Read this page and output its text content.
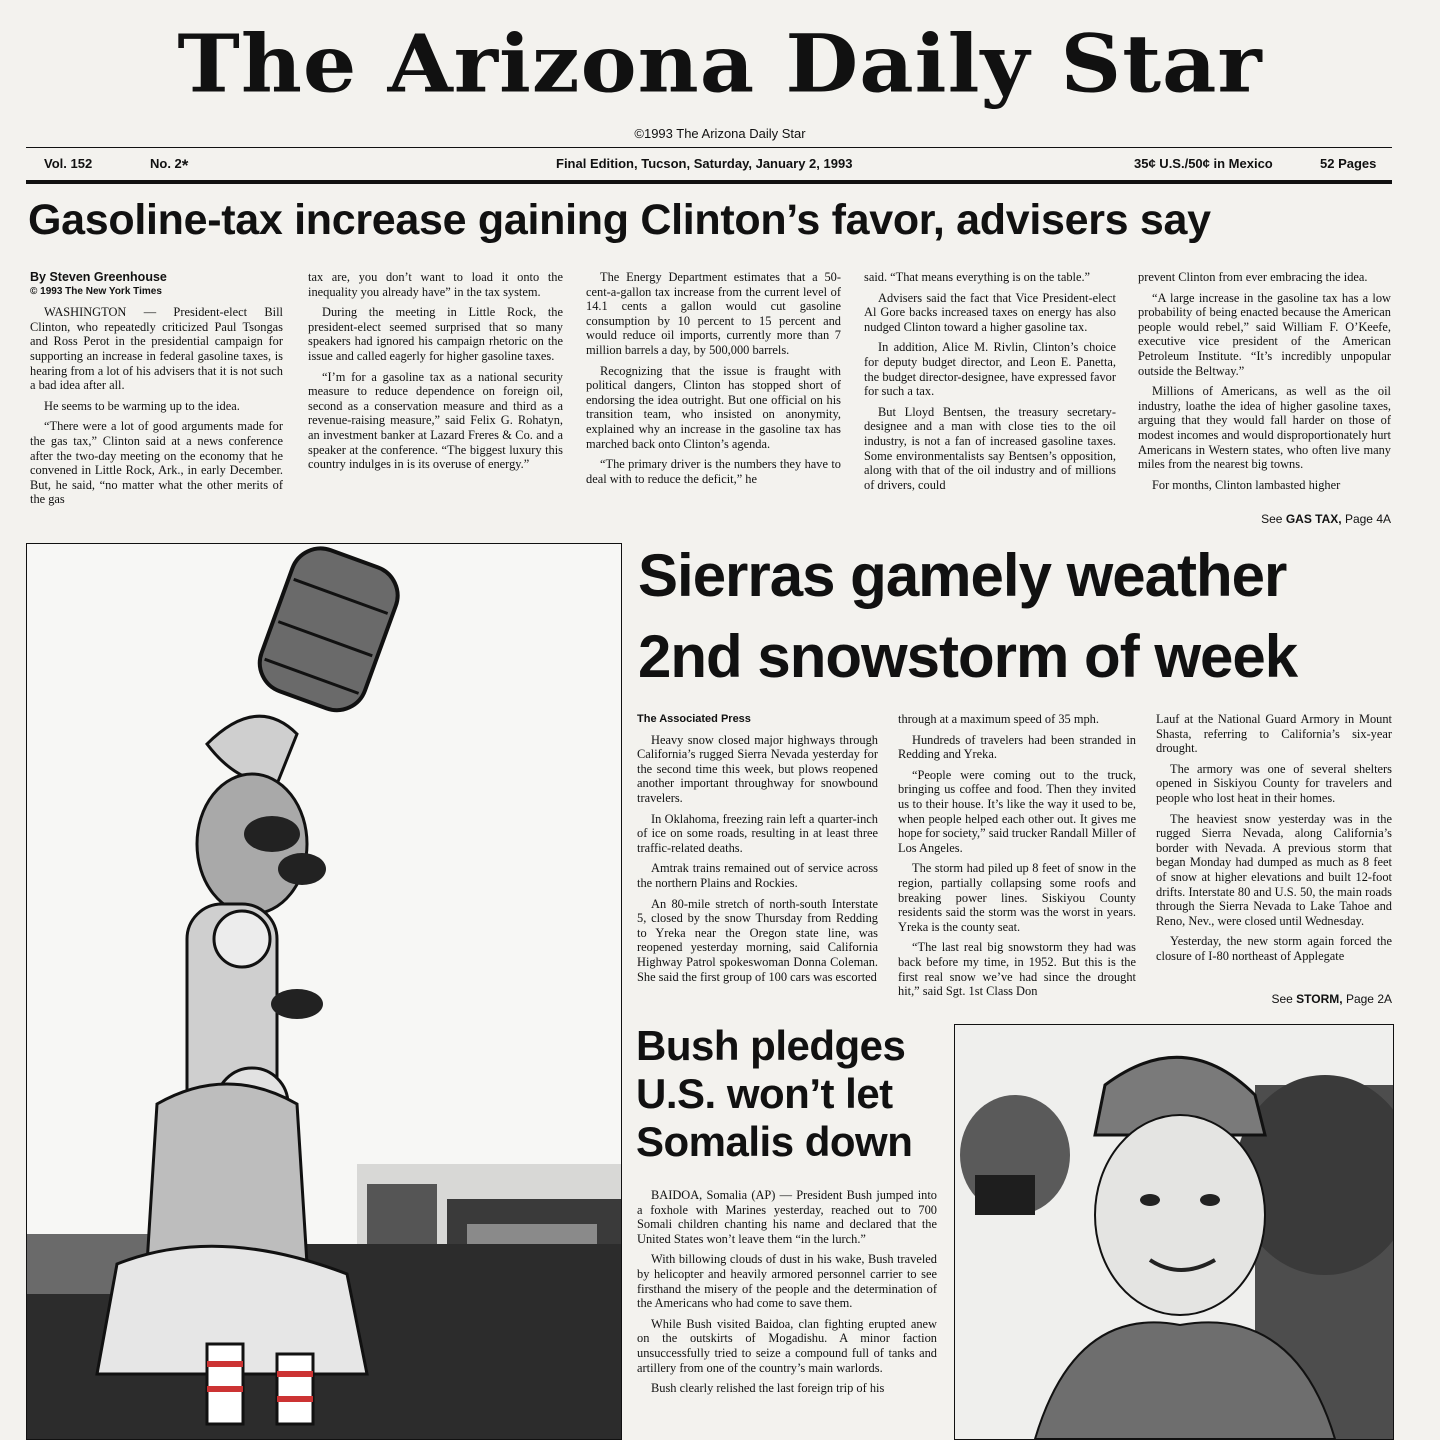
The Arizona Daily Star
©1993 The Arizona Daily Star
Vol. 152	No. 2*	Final Edition, Tucson, Saturday, January 2, 1993	35¢ U.S./50¢ in Mexico	52 Pages
Gasoline-tax increase gaining Clinton’s favor, advisers say

By Steven Greenhouse

© 1993 The New York Times

WASHINGTON — President-elect Bill Clinton, who repeatedly criticized Paul Tsongas and Ross Perot in the presidential campaign for supporting an increase in federal gasoline taxes, is hearing from a lot of his advisers that it is not such a bad idea after all.

He seems to be warming up to the idea.

“There were a lot of good arguments made for the gas tax,” Clinton said at a news conference after the two-day meeting on the economy that he convened in Little Rock, Ark., in early December. But, he said, “no matter what the other merits of the gas

tax are, you don’t want to load it onto the inequality you already have” in the tax system.

During the meeting in Little Rock, the president-elect seemed surprised that so many speakers had ignored his campaign rhetoric on the issue and called eagerly for higher gasoline taxes.

“I’m for a gasoline tax as a national security measure to reduce dependence on foreign oil, second as a conservation measure and third as a revenue-raising measure,” said Felix G. Rohatyn, an investment banker at Lazard Freres & Co. and a speaker at the conference. “The biggest luxury this country indulges in is its overuse of energy.”

The Energy Department estimates that a 50-cent-a-gallon tax increase from the current level of 14.1 cents a gallon would cut gasoline consumption by 10 percent to 15 percent and would reduce oil imports, currently more than 7 million barrels a day, by 500,000 barrels.

Recognizing that the issue is fraught with political dangers, Clinton has stopped short of endorsing the idea outright. But one official on his transition team, who insisted on anonymity, explained why an increase in the gasoline tax has marched back onto Clinton’s agenda.

“The primary driver is the numbers they have to deal with to reduce the deficit,” he

said. “That means everything is on the table.”

Advisers said the fact that Vice President-elect Al Gore backs increased taxes on energy has also nudged Clinton toward a higher gasoline tax.

In addition, Alice M. Rivlin, Clinton’s choice for deputy budget director, and Leon E. Panetta, the budget director-designee, have expressed favor for such a tax.

But Lloyd Bentsen, the treasury secretary-designee and a man with close ties to the oil industry, is not a fan of increased gasoline taxes. Some environmentalists say Bentsen’s opposition, along with that of the oil industry and of millions of drivers, could

prevent Clinton from ever embracing the idea.

“A large increase in the gasoline tax has a low probability of being enacted because the American people would rebel,” said William F. O’Keefe, executive vice president of the American Petroleum Institute. “It’s incredibly unpopular outside the Beltway.”

Millions of Americans, as well as the oil industry, loathe the idea of higher gasoline taxes, arguing that they would fall harder on those of modest incomes and would disproportionately hurt Americans in Western states, who often live many miles from the nearest big towns.

For months, Clinton lambasted higher

See GAS TAX, Page 4A
Sierras gamely weather
2nd snowstorm of week

The Associated Press

Heavy snow closed major highways through California’s rugged Sierra Nevada yesterday for the second time this week, but plows reopened another important throughway for snowbound travelers.

In Oklahoma, freezing rain left a quarter-inch of ice on some roads, resulting in at least three traffic-related deaths.

Amtrak trains remained out of service across the northern Plains and Rockies.

An 80-mile stretch of north-south Interstate 5, closed by the snow Thursday from Redding to Yreka near the Oregon state line, was reopened yesterday morning, said California Highway Patrol spokeswoman Donna Coleman. She said the first group of 100 cars was escorted

through at a maximum speed of 35 mph.

Hundreds of travelers had been stranded in Redding and Yreka.

“People were coming out to the truck, bringing us coffee and food. Then they invited us to their house. It’s like the way it used to be, when people helped each other out. It gives me hope for society,” said trucker Randall Miller of Los Angeles.

The storm had piled up 8 feet of snow in the region, partially collapsing some roofs and breaking power lines. Siskiyou County residents said the storm was the worst in years. Yreka is the county seat.

“The last real big snowstorm they had was back before my time, in 1952. But this is the first real snow we’ve had since the drought hit,” said Sgt. 1st Class Don

Lauf at the National Guard Armory in Mount Shasta, referring to California’s six-year drought.

The armory was one of several shelters opened in Siskiyou County for travelers and people who lost heat in their homes.

The heaviest snow yesterday was in the rugged Sierra Nevada, along California’s border with Nevada. A previous storm that began Monday had dumped as much as 8 feet of snow at higher elevations and built 12-foot drifts. Interstate 80 and U.S. 50, the main roads through the Sierra Nevada to Lake Tahoe and Reno, Nev., were closed until Wednesday.

Yesterday, the new storm again forced the closure of I-80 northeast of Applegate

See STORM, Page 2A
Bush pledges
U.S. won’t let
Somalis down

BAIDOA, Somalia (AP) — President Bush jumped into a foxhole with Marines yesterday, reached out to 700 Somali children chanting his name and declared that the United States won’t leave them “in the lurch.”

With billowing clouds of dust in his wake, Bush traveled by helicopter and heavily armored personnel carrier to see firsthand the misery of the people and the determination of the Americans who had come to save them.

While Bush visited Baidoa, clan fighting erupted anew on the outskirts of Mogadishu. A minor faction unsuccessfully tried to seize a compound full of tanks and artillery from one of the country’s main warlords.

Bush clearly relished the last foreign trip of his
